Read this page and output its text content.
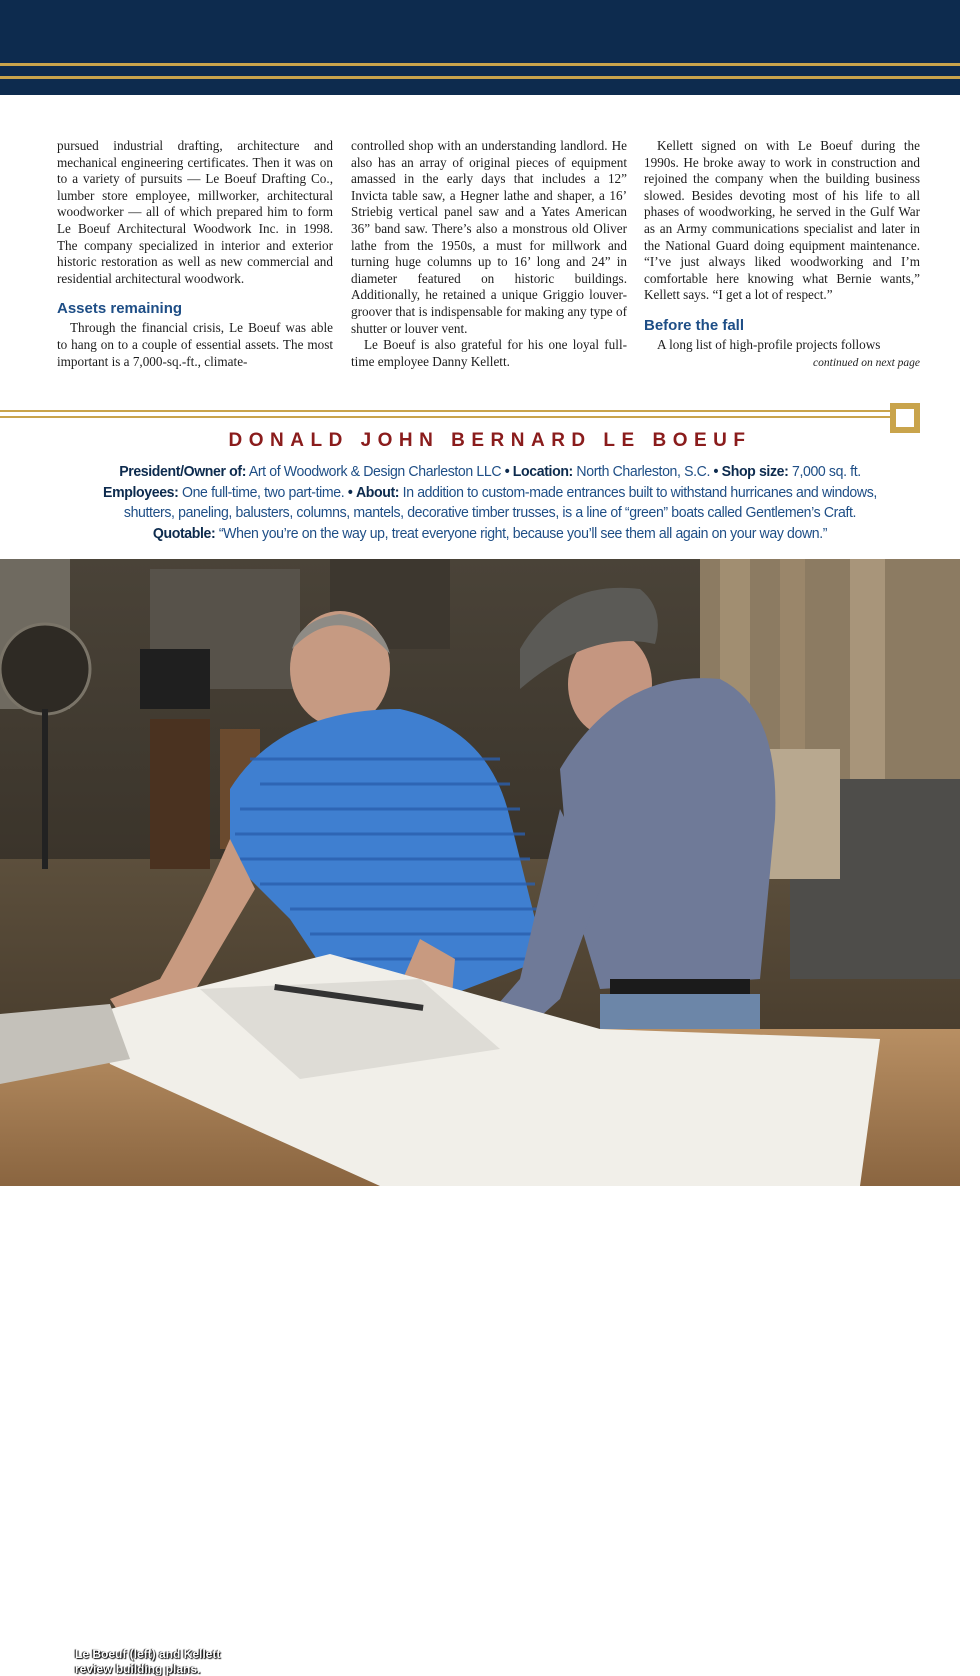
pursued industrial drafting, architecture and mechanical engineering certificates. Then it was on to a variety of pursuits — Le Boeuf Drafting Co., lumber store employee, millworker, architectural woodworker — all of which prepared him to form Le Boeuf Architectural Woodwork Inc. in 1998. The company specialized in interior and exterior historic restoration as well as new commercial and residential architectural woodwork.

Assets remaining

Through the financial crisis, Le Boeuf was able to hang on to a couple of essential assets. The most important is a 7,000-sq.-ft., climate-

controlled shop with an understanding landlord. He also has an array of original pieces of equipment amassed in the early days that includes a 12” Invicta table saw, a Hegner lathe and shaper, a 16’ Striebig vertical panel saw and a Yates American 36” band saw. There’s also a monstrous old Oliver lathe from the 1950s, a must for millwork and turning huge columns up to 16’ long and 24” in diameter featured on historic buildings. Additionally, he retained a unique Griggio louver-groover that is indispensable for making any type of shutter or louver vent.

Le Boeuf is also grateful for his one loyal full-time employee Danny Kellett.

Kellett signed on with Le Boeuf during the 1990s. He broke away to work in construction and rejoined the company when the building business slowed. Besides devoting most of his life to all phases of woodworking, he served in the Gulf War as an Army communications specialist and later in the National Guard doing equipment maintenance. “I’ve just always liked woodworking and I’m comfortable here knowing what Bernie wants,” Kellett says. “I get a lot of respect.”

Before the fall

A long list of high-profile projects follows

continued on next page
DONALD JOHN BERNARD LE BOEUF
President/Owner of: Art of Woodwork & Design Charleston LLC • Location: North Charleston, S.C. • Shop size: 7,000 sq. ft.
Employees: One full-time, two part-time. • About: In addition to custom-made entrances built to withstand hurricanes and windows, shutters, paneling, balusters, columns, mantels, decorative timber trusses, is a line of “green” boats called Gentlemen’s Craft.
Quotable: “When you’re on the way up, treat everyone right, because you’ll see them all again on your way down.”
Le Boeuf (left) and Kellett
review building plans.
